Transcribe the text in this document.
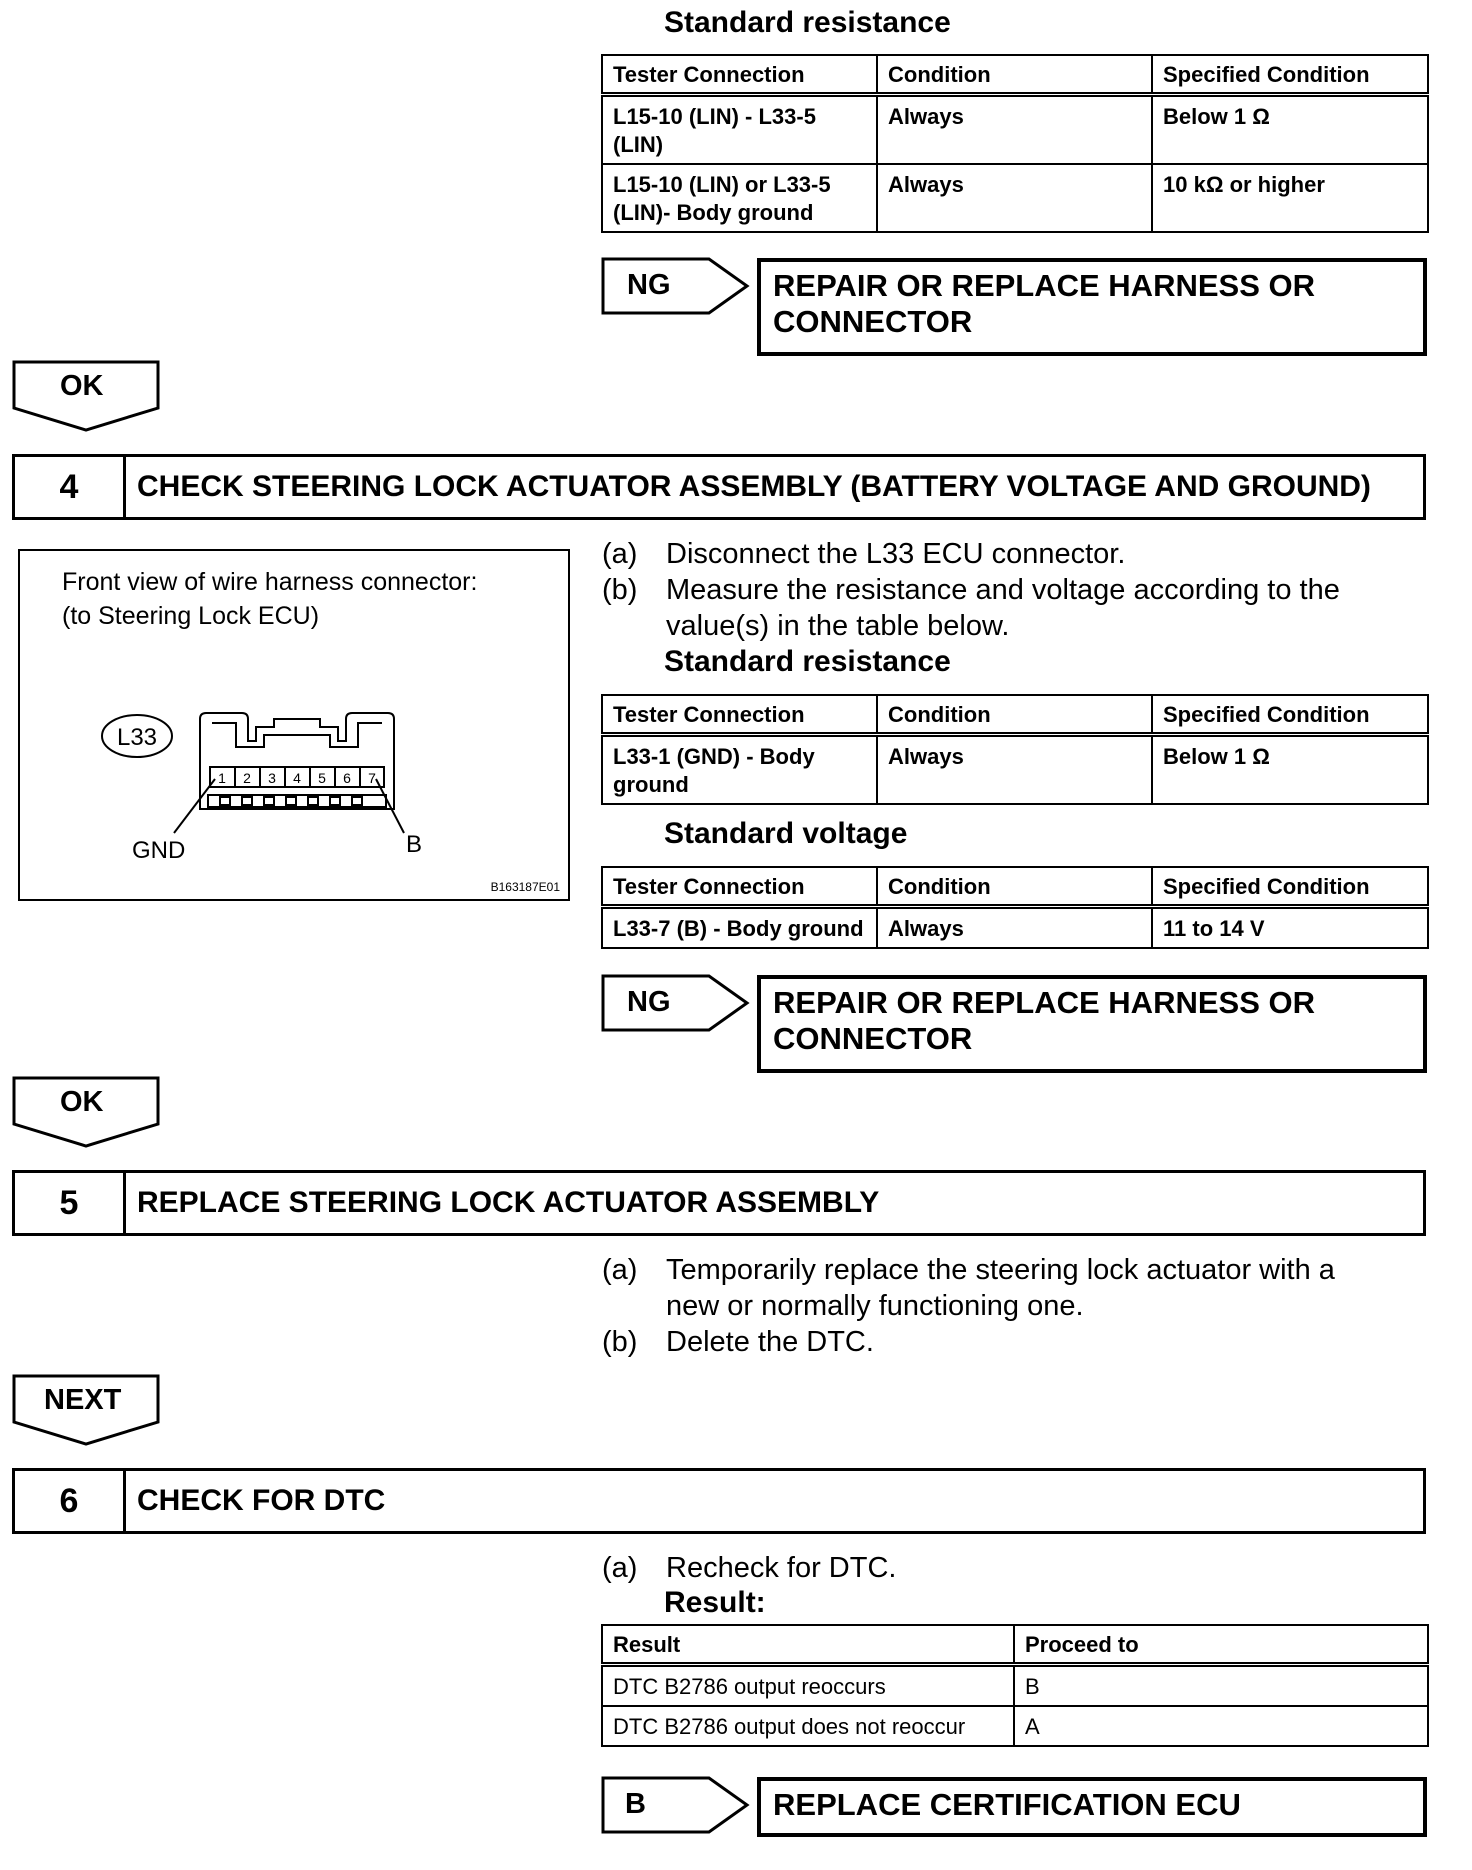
Standard resistance
Tester Connection	Condition	Specified Condition
L15-10 (LIN) - L33-5 (LIN)	Always	Below 1 Ω
L15-10 (LIN) or L33-5 (LIN)- Body ground	Always	10 kΩ or higher
NG	REPAIR OR REPLACE HARNESS OR CONNECTOR
OK
4	CHECK STEERING LOCK ACTUATOR ASSEMBLY (BATTERY VOLTAGE AND GROUND)
Front view of wire harness connector:
(to Steering Lock ECU)
L33
1 2 3 4 5 6 7
GND	B
B163187E01
(a) Disconnect the L33 ECU connector.
(b) Measure the resistance and voltage according to the value(s) in the table below.
Standard resistance
Tester Connection	Condition	Specified Condition
L33-1 (GND) - Body ground	Always	Below 1 Ω
Standard voltage
Tester Connection	Condition	Specified Condition
L33-7 (B) - Body ground	Always	11 to 14 V
NG	REPAIR OR REPLACE HARNESS OR CONNECTOR
OK
5	REPLACE STEERING LOCK ACTUATOR ASSEMBLY
(a) Temporarily replace the steering lock actuator with a new or normally functioning one.
(b) Delete the DTC.
NEXT
6	CHECK FOR DTC
(a) Recheck for DTC.
Result:
Result	Proceed to
DTC B2786 output reoccurs	B
DTC B2786 output does not reoccur	A
B	REPLACE CERTIFICATION ECU
